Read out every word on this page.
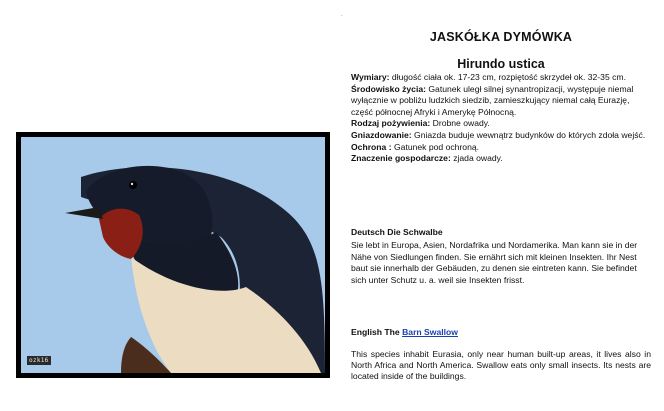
ozk16
.
JASKÓŁKA DYMÓWKA
Hirundo ustica

Wymiary: długość ciała ok. 17-23 cm, rozpiętość skrzydeł ok. 32-35 cm.

Środowisko życia: Gatunek uległ silnej synantropizacji, występuje niemal wyłącznie w pobliżu ludzkich siedzib, zamieszkujący niemal całą Eurazję, część północnej Afryki i Amerykę Północną.

Rodzaj pożywienia: Drobne owady.

Gniazdowanie: Gniazda buduje wewnątrz budynków do których zdoła wejść.

Ochrona : Gatunek pod ochroną.

Znaczenie gospodarcze: zjada owady.

Deutsch Die Schwalbe
Sie lebt in Europa, Asien, Nordafrika und Nordamerika. Man kann sie in der Nähe von Siedlungen finden. Sie ernährt sich mit kleinen Insekten. Ihr Nest baut sie innerhalb der Gebäuden, zu denen sie eintreten kann. Sie befindet sich unter Schutz u. a. weil sie Insekten frisst.
English The Barn Swallow
This species inhabit Eurasia, only near human built-up areas, it lives also in North Africa and North America. Swallow eats only small insects. Its nests are located inside of the buildings.
